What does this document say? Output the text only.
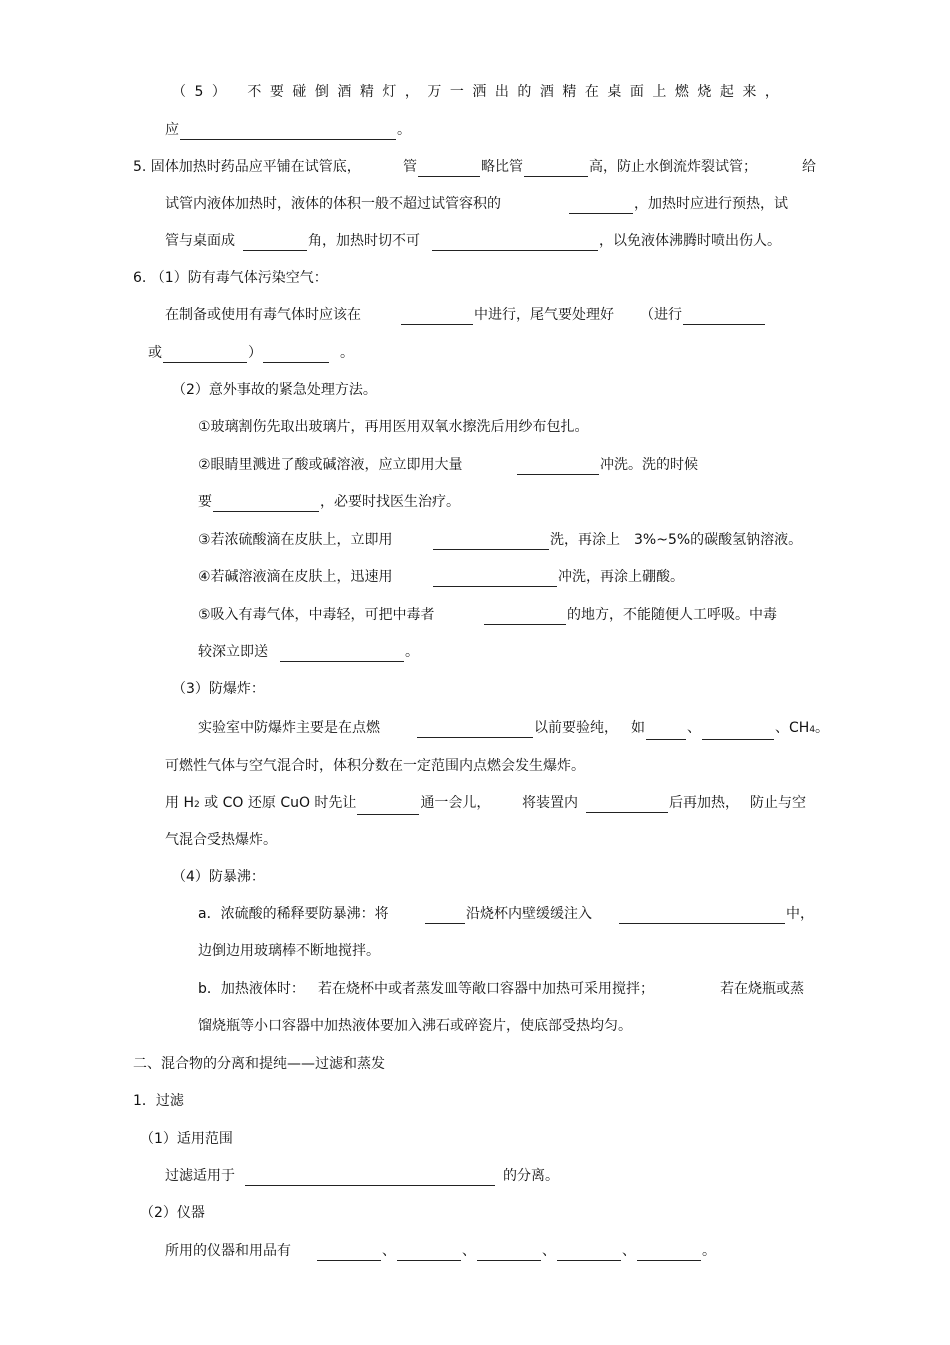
（5） 不要碰倒酒精灯，万一洒出的酒精在桌面上燃烧起来，
应	。
5. 固体加热时药品应平铺在试管底，	管	略比管	高，防止水倒流炸裂试管；	给
试管内液体加热时，液体的体积一般不超过试管容积的	，加热时应进行预热，试
管与桌面成	角，加热时切不可	，以免液体沸腾时喷出伤人。
6. （1）防有毒气体污染空气：
在制备或使用有毒气体时应该在	中进行，尾气要处理好 （进行
或	）	。
（2）意外事故的紧急处理方法。
①玻璃割伤先取出玻璃片，再用医用双氧水擦洗后用纱布包扎。
②眼睛里溅进了酸或碱溶液，应立即用大量	冲洗。洗的时候
要	，必要时找医生治疗。
③若浓硫酸滴在皮肤上，立即用	洗，再涂上 3%~5%的碳酸氢钠溶液。
④若碱溶液滴在皮肤上，迅速用	冲洗，再涂上硼酸。
⑤吸入有毒气体，中毒轻，可把中毒者	的地方，不能随便人工呼吸。中毒
较深立即送	。
（3）防爆炸：
实验室中防爆炸主要是在点燃	以前要验纯， 如	、	、CH4。
可燃性气体与空气混合时，体积分数在一定范围内点燃会发生爆炸。
用 H2 或 CO 还原 CuO 时先让	通一会儿， 将装置内	后再加热， 防止与空
气混合受热爆炸。
（4）防暴沸：
a．浓硫酸的稀释要防暴沸：将	沿烧杯内壁缓缓注入	中，
边倒边用玻璃棒不断地搅拌。
b．加热液体时： 若在烧杯中或者蒸发皿等敞口容器中加热可采用搅拌；	若在烧瓶或蒸
馏烧瓶等小口容器中加热液体要加入沸石或碎瓷片，使底部受热均匀。
二、混合物的分离和提纯——过滤和蒸发
1．过滤
（1）适用范围
过滤适用于	的分离。
（2）仪器
所用的仪器和用品有	、	、	、	、	。
